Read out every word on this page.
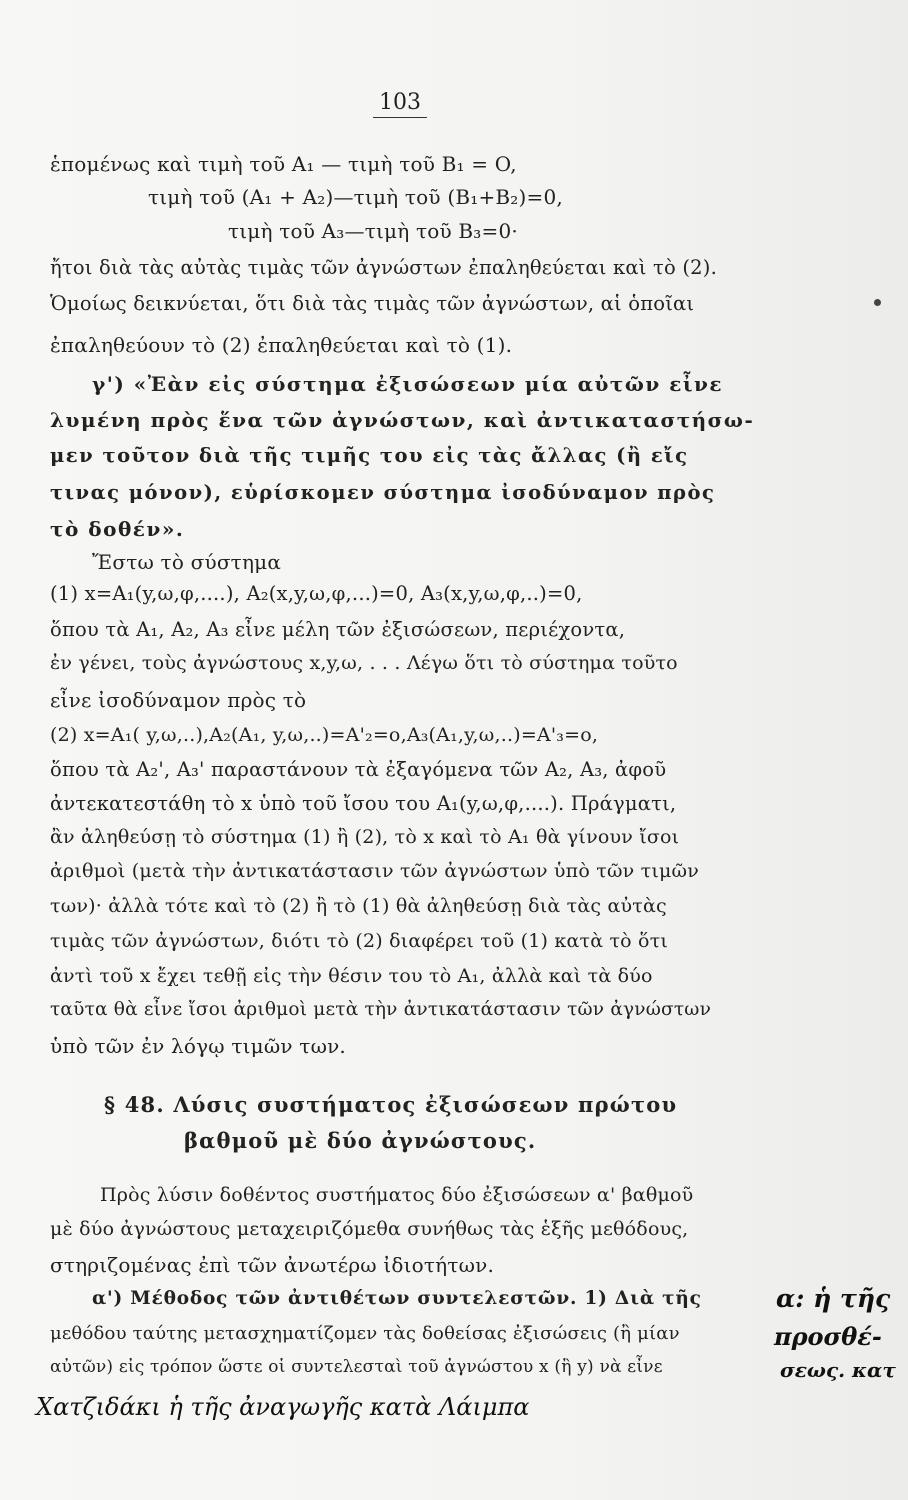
103
ἑπομένως καὶ τιμὴ τοῦ A₁ — τιμὴ τοῦ B₁ = O,
τιμὴ τοῦ (A₁ + A₂)—τιμὴ τοῦ (B₁+B₂)=0,
τιμὴ τοῦ A₃—τιμὴ τοῦ B₃=0·
ἤτοι διὰ τὰς αὐτὰς τιμὰς τῶν ἀγνώστων ἐπαληθεύεται καὶ τὸ (2).
Ὁμοίως δεικνύεται, ὅτι διὰ τὰς τιμὰς τῶν ἀγνώστων, αἱ ὁποῖαι
ἐπαληθεύουν τὸ (2) ἐπαληθεύεται καὶ τὸ (1).
γ') «Ἐὰν εἰς σύστημα ἐξισώσεων μία αὐτῶν εἶνε
λυμένη πρὸς ἕνα τῶν ἀγνώστων, καὶ ἀντικαταστήσω-
μεν τοῦτον διὰ τῆς τιμῆς του εἰς τὰς ἄλλας (ἢ εἴς
τινας μόνον), εὑρίσκομεν σύστημα ἰσοδύναμον πρὸς
τὸ δοθέν».
Ἔστω τὸ σύστημα
(1) x=A₁(y,ω,φ,....), A₂(x,y,ω,φ,...)=0, A₃(x,y,ω,φ,..)=0,
ὅπου τὰ A₁, A₂, A₃ εἶνε μέλη τῶν ἐξισώσεων, περιέχοντα,
ἐν γένει, τοὺς ἀγνώστους x,y,ω, . . . Λέγω ὅτι τὸ σύστημα τοῦτο
εἶνε ἰσοδύναμον πρὸς τὸ
(2) x=A₁( y,ω,..),A₂(A₁, y,ω,..)=A'₂=o,A₃(A₁,y,ω,..)=A'₃=o,
ὅπου τὰ A₂', A₃' παραστάνουν τὰ ἐξαγόμενα τῶν A₂, A₃, ἀφοῦ
ἀντεκατεστάθη τὸ x ὑπὸ τοῦ ἴσου του A₁(y,ω,φ,....). Πράγματι,
ἂν ἀληθεύσῃ τὸ σύστημα (1) ἢ (2), τὸ x καὶ τὸ A₁ θὰ γίνουν ἴσοι
ἀριθμοὶ (μετὰ τὴν ἀντικατάστασιν τῶν ἀγνώστων ὑπὸ τῶν τιμῶν
των)· ἀλλὰ τότε καὶ τὸ (2) ἢ τὸ (1) θὰ ἀληθεύσῃ διὰ τὰς αὐτὰς
τιμὰς τῶν ἀγνώστων, διότι τὸ (2) διαφέρει τοῦ (1) κατὰ τὸ ὅτι
ἀντὶ τοῦ x ἔχει τεθῇ εἰς τὴν θέσιν του τὸ A₁, ἀλλὰ καὶ τὰ δύο
ταῦτα θὰ εἶνε ἴσοι ἀριθμοὶ μετὰ τὴν ἀντικατάστασιν τῶν ἀγνώστων
ὑπὸ τῶν ἐν λόγῳ τιμῶν των.
§ 48. Λύσις συστήματος ἐξισώσεων πρώτου
βαθμοῦ μὲ δύο ἀγνώστους.
Πρὸς λύσιν δοθέντος συστήματος δύο ἐξισώσεων α' βαθμοῦ
μὲ δύο ἀγνώστους μεταχειριζόμεθα συνήθως τὰς ἑξῆς μεθόδους,
στηριζομένας ἐπὶ τῶν ἀνωτέρω ἰδιοτήτων.
α') Μέθοδος τῶν ἀντιθέτων συντελεστῶν. 1) Διὰ τῆς
μεθόδου ταύτης μετασχηματίζομεν τὰς δοθείσας ἐξισώσεις (ἢ μίαν
αὐτῶν) εἰς τρόπον ὥστε οἱ συντελεσταὶ τοῦ ἀγνώστου x (ἢ y) νὰ εἶνε
α: ἡ τῆς
προσθέ-
σεως. κατ
Χατζιδάκι ἡ τῆς ἀναγωγῆς κατὰ Λάιμπα
